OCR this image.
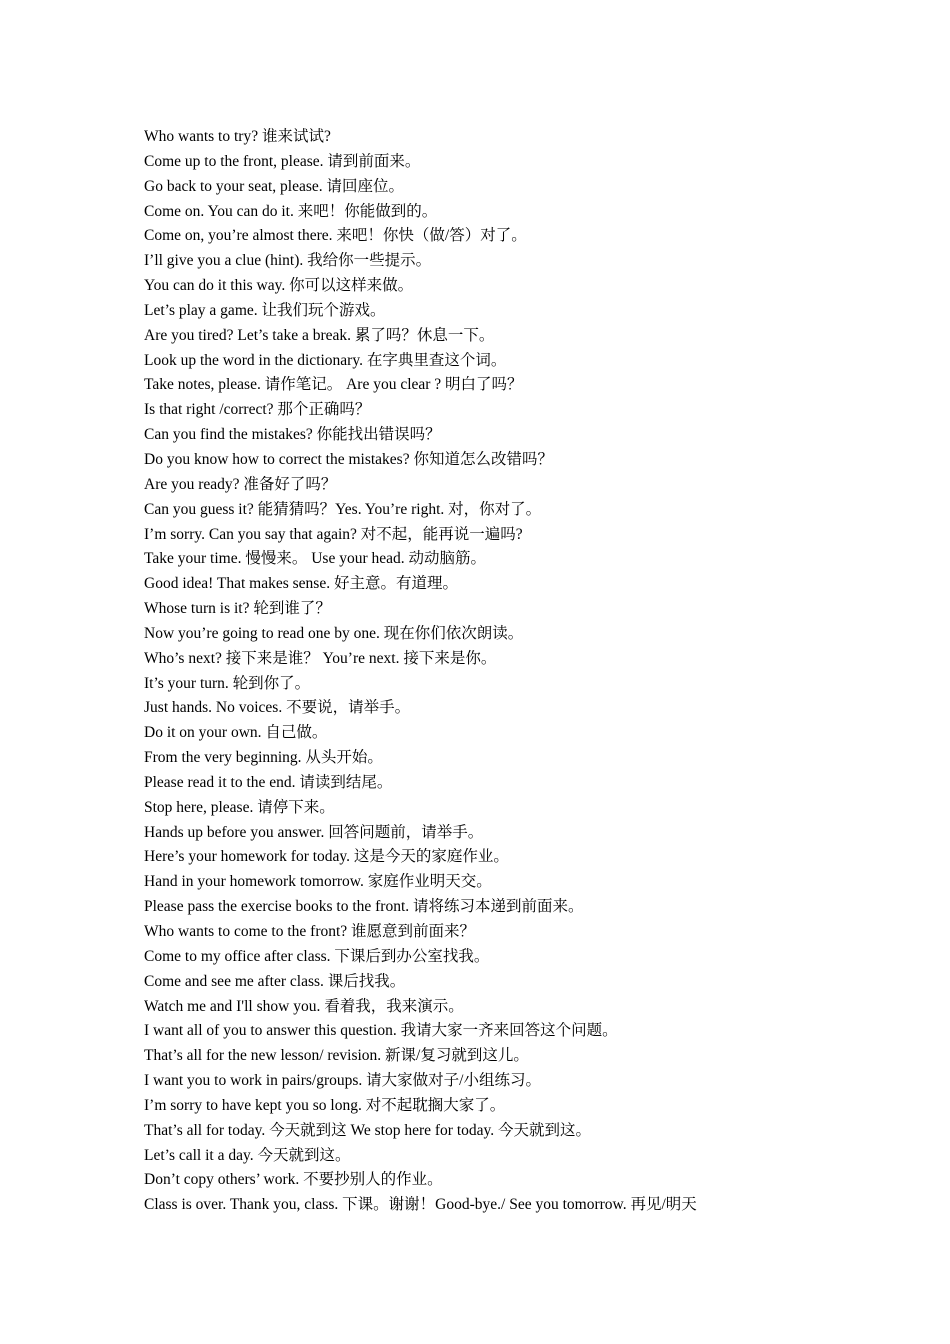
Who wants to try? 谁来试试?
Come up to the front, please. 请到前面来。
Go back to your seat, please. 请回座位。
Come on. You can do it. 来吧！你能做到的。
Come on, you’re almost there. 来吧！你快（做/答）对了。
I’ll give you a clue (hint). 我给你一些提示。
You can do it this way. 你可以这样来做。
Let’s play a game. 让我们玩个游戏。
Are you tired? Let’s take a break. 累了吗？休息一下。
Look up the word in the dictionary. 在字典里查这个词。
Take notes, please. 请作笔记。 Are you clear ? 明白了吗？
Is that right /correct? 那个正确吗？
Can you find the mistakes? 你能找出错误吗？
Do you know how to correct the mistakes? 你知道怎么改错吗？
Are you ready? 准备好了吗？
Can you guess it? 能猜猜吗？Yes. You’re right. 对，你对了。
I’m sorry. Can you say that again? 对不起，能再说一遍吗?
Take your time. 慢慢来。 Use your head. 动动脑筋。
Good idea! That makes sense. 好主意。有道理。
Whose turn is it? 轮到谁了？
Now you’re going to read one by one. 现在你们依次朗读。
Who’s next? 接下来是谁？ You’re next. 接下来是你。
It’s your turn. 轮到你了。
Just hands. No voices. 不要说，请举手。
Do it on your own. 自己做。
From the very beginning. 从头开始。
Please read it to the end. 请读到结尾。
Stop here, please. 请停下来。
Hands up before you answer. 回答问题前，请举手。
Here’s your homework for today. 这是今天的家庭作业。
Hand in your homework tomorrow. 家庭作业明天交。
Please pass the exercise books to the front. 请将练习本递到前面来。
Who wants to come to the front? 谁愿意到前面来？
Come to my office after class. 下课后到办公室找我。
Come and see me after class. 课后找我。
Watch me and I'll show you. 看着我，我来演示。
I want all of you to answer this question. 我请大家一齐来回答这个问题。
That’s all for the new lesson/ revision. 新课/复习就到这儿。
I want you to work in pairs/groups. 请大家做对子/小组练习。
I’m sorry to have kept you so long. 对不起耽搁大家了。
That’s all for today. 今天就到这 We stop here for today. 今天就到这。
Let’s call it a day. 今天就到这。
Don’t copy others’ work. 不要抄别人的作业。
Class is over. Thank you, class. 下课。谢谢！Good-bye./ See you tomorrow. 再见/明天
